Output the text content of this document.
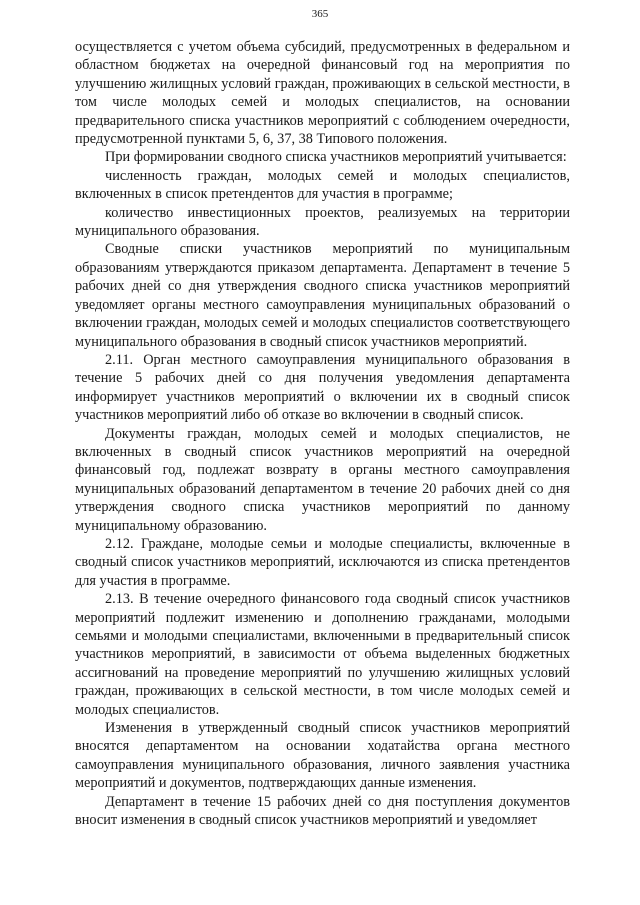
365

осуществляется с учетом объема субсидий, предусмотренных в федеральном и областном бюджетах на очередной финансовый год на мероприятия по улучшению жилищных условий граждан, проживающих в сельской местности, в том числе молодых семей и молодых специалистов, на основании предварительного списка участников мероприятий с соблюдением очередности, предусмотренной пунктами 5, 6, 37, 38 Типового положения.

При формировании сводного списка участников мероприятий учитывается:

численность граждан, молодых семей и молодых специалистов, включенных в список претендентов для участия в программе;

количество инвестиционных проектов, реализуемых на территории муниципального образования.

Сводные списки участников мероприятий по муниципальным образованиям утверждаются приказом департамента. Департамент в течение 5 рабочих дней со дня утверждения сводного списка участников мероприятий уведомляет органы местного самоуправления муниципальных образований о включении граждан, молодых семей и молодых специалистов соответствующего муниципального образования в сводный список участников мероприятий.

2.11. Орган местного самоуправления муниципального образования в течение 5 рабочих дней со дня получения уведомления департамента информирует участников мероприятий о включении их в сводный список участников мероприятий либо об отказе во включении в сводный список.

Документы граждан, молодых семей и молодых специалистов, не включенных в сводный список участников мероприятий на очередной финансовый год, подлежат возврату в органы местного самоуправления муниципальных образований департаментом в течение 20 рабочих дней со дня утверждения сводного списка участников мероприятий по данному муниципальному образованию.

2.12. Граждане, молодые семьи и молодые специалисты, включенные в сводный список участников мероприятий, исключаются из списка претендентов для участия в программе.

2.13. В течение очередного финансового года сводный список участников мероприятий подлежит изменению и дополнению гражданами, молодыми семьями и молодыми специалистами, включенными в предварительный список участников мероприятий, в зависимости от объема выделенных бюджетных ассигнований на проведение мероприятий по улучшению жилищных условий граждан, проживающих в сельской местности, в том числе молодых семей и молодых специалистов.

Изменения в утвержденный сводный список участников мероприятий вносятся департаментом на основании ходатайства органа местного самоуправления муниципального образования, личного заявления участника мероприятий и документов, подтверждающих данные изменения.

Департамент в течение 15 рабочих дней со дня поступления документов вносит изменения в сводный список участников мероприятий и уведомляет
